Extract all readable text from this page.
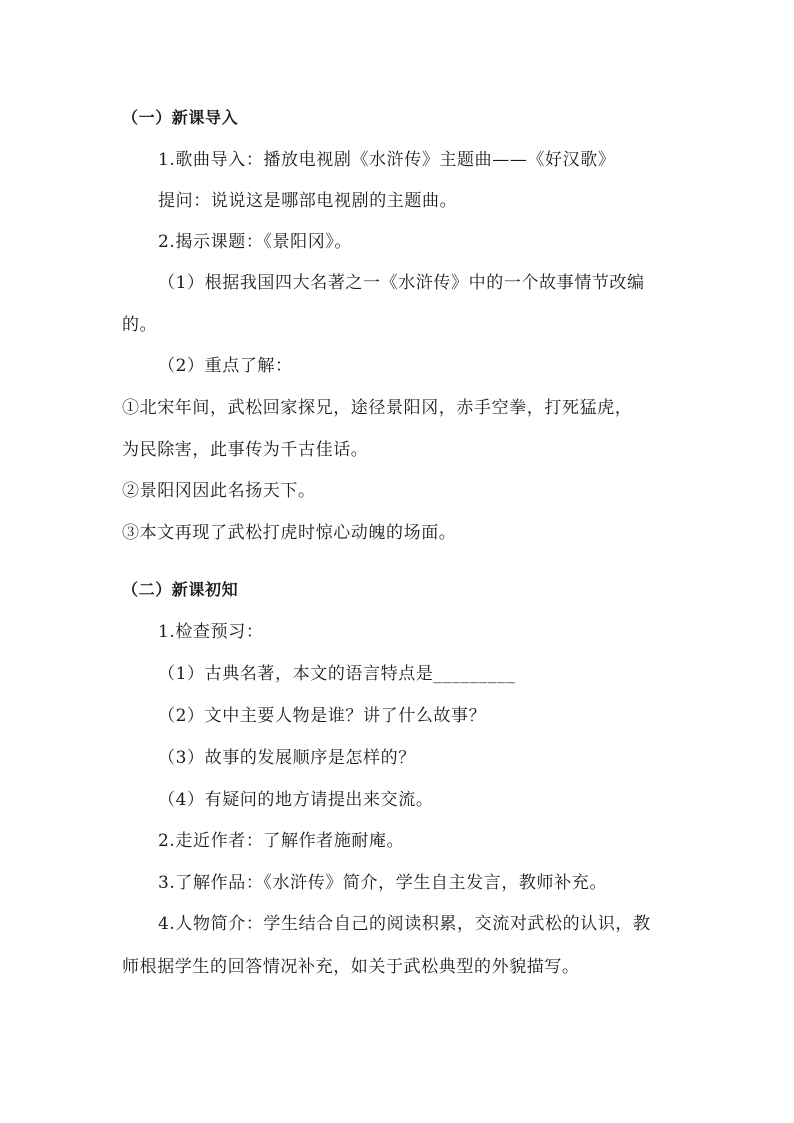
（一）新课导入
1.歌曲导入：播放电视剧《水浒传》主题曲——《好汉歌》
提问：说说这是哪部电视剧的主题曲。
2.揭示课题：《景阳冈》。
（1）根据我国四大名著之一《水浒传》中的一个故事情节改编
的。
（2）重点了解：
①北宋年间，武松回家探兄，途径景阳冈，赤手空拳，打死猛虎，
为民除害，此事传为千古佳话。
②景阳冈因此名扬天下。
③本文再现了武松打虎时惊心动魄的场面。
（二）新课初知
1.检查预习：
（1）古典名著，本文的语言特点是_________
（2）文中主要人物是谁？讲了什么故事？
（3）故事的发展顺序是怎样的？
（4）有疑问的地方请提出来交流。
2.走近作者：了解作者施耐庵。
3.了解作品：《水浒传》简介，学生自主发言，教师补充。
4.人物简介：学生结合自己的阅读积累，交流对武松的认识，教
师根据学生的回答情况补充，如关于武松典型的外貌描写。
